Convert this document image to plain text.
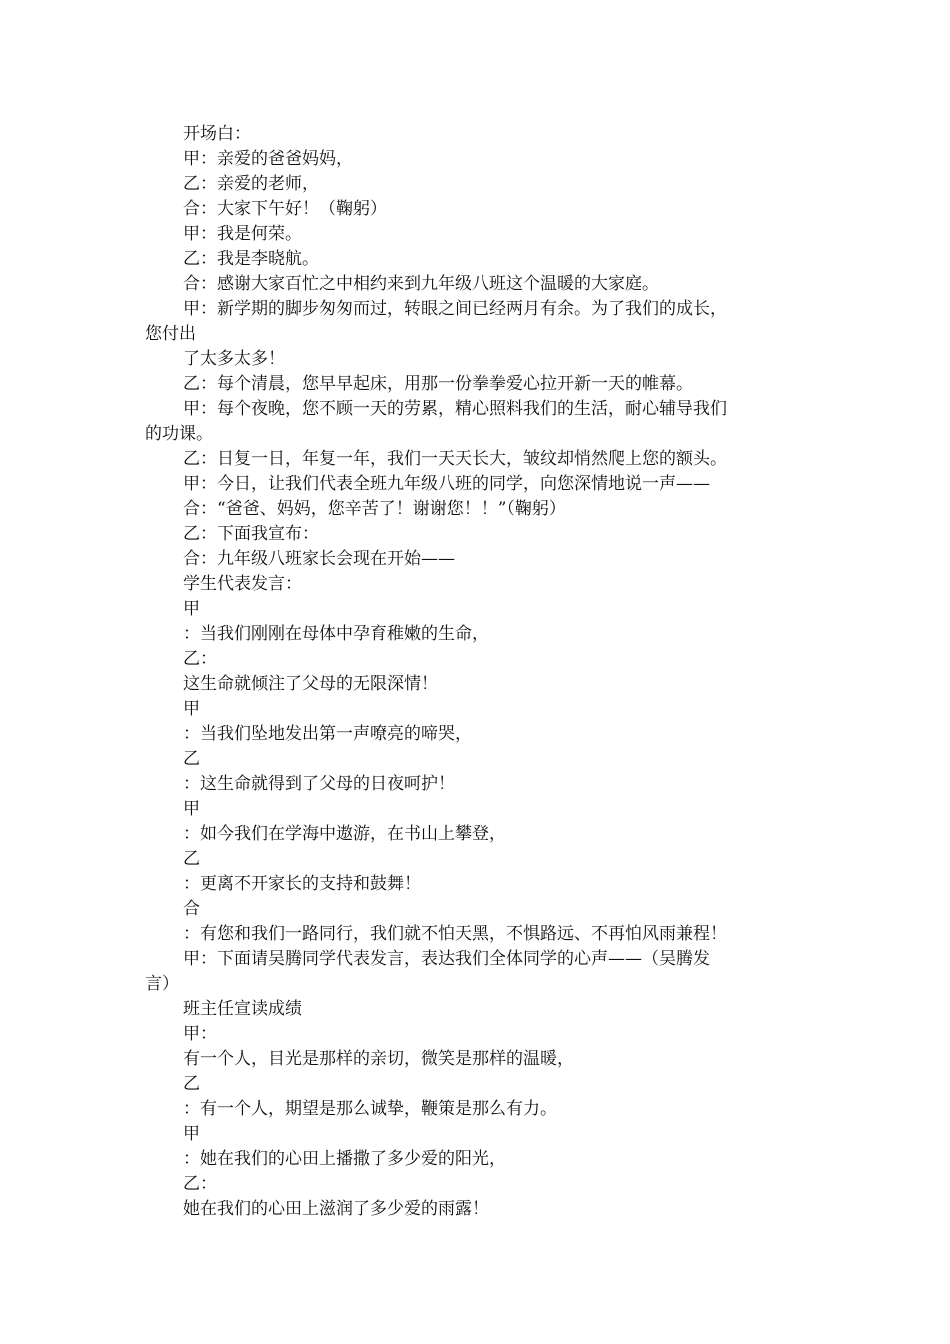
开场白：

甲：亲爱的爸爸妈妈，

乙：亲爱的老师，

合：大家下午好！（鞠躬）

甲：我是何荣。

乙：我是李晓航。

合：感谢大家百忙之中相约来到九年级八班这个温暖的大家庭。

甲：新学期的脚步匆匆而过，转眼之间已经两月有余。为了我们的成长，

您付出

了太多太多！

乙：每个清晨，您早早起床，用那一份拳拳爱心拉开新一天的帷幕。

甲：每个夜晚，您不顾一天的劳累，精心照料我们的生活，耐心辅导我们

的功课。

乙：日复一日，年复一年，我们一天天长大，皱纹却悄然爬上您的额头。

甲：今日，让我们代表全班九年级八班的同学，向您深情地说一声——

合：“爸爸、妈妈，您辛苦了！谢谢您！！”（鞠躬）

乙：下面我宣布：

合：九年级八班家长会现在开始——

学生代表发言：

甲

：当我们刚刚在母体中孕育稚嫩的生命，

乙：

这生命就倾注了父母的无限深情！

甲

：当我们坠地发出第一声嘹亮的啼哭，

乙

：这生命就得到了父母的日夜呵护！

甲

：如今我们在学海中遨游，在书山上攀登，

乙

：更离不开家长的支持和鼓舞！

合

：有您和我们一路同行，我们就不怕天黑，不惧路远、不再怕风雨兼程！

甲：下面请吴腾同学代表发言，表达我们全体同学的心声——（吴腾发

言）

班主任宣读成绩

甲：

有一个人，目光是那样的亲切，微笑是那样的温暖，

乙

：有一个人，期望是那么诚挚，鞭策是那么有力。

甲

：她在我们的心田上播撒了多少爱的阳光，

乙：

她在我们的心田上滋润了多少爱的雨露！
